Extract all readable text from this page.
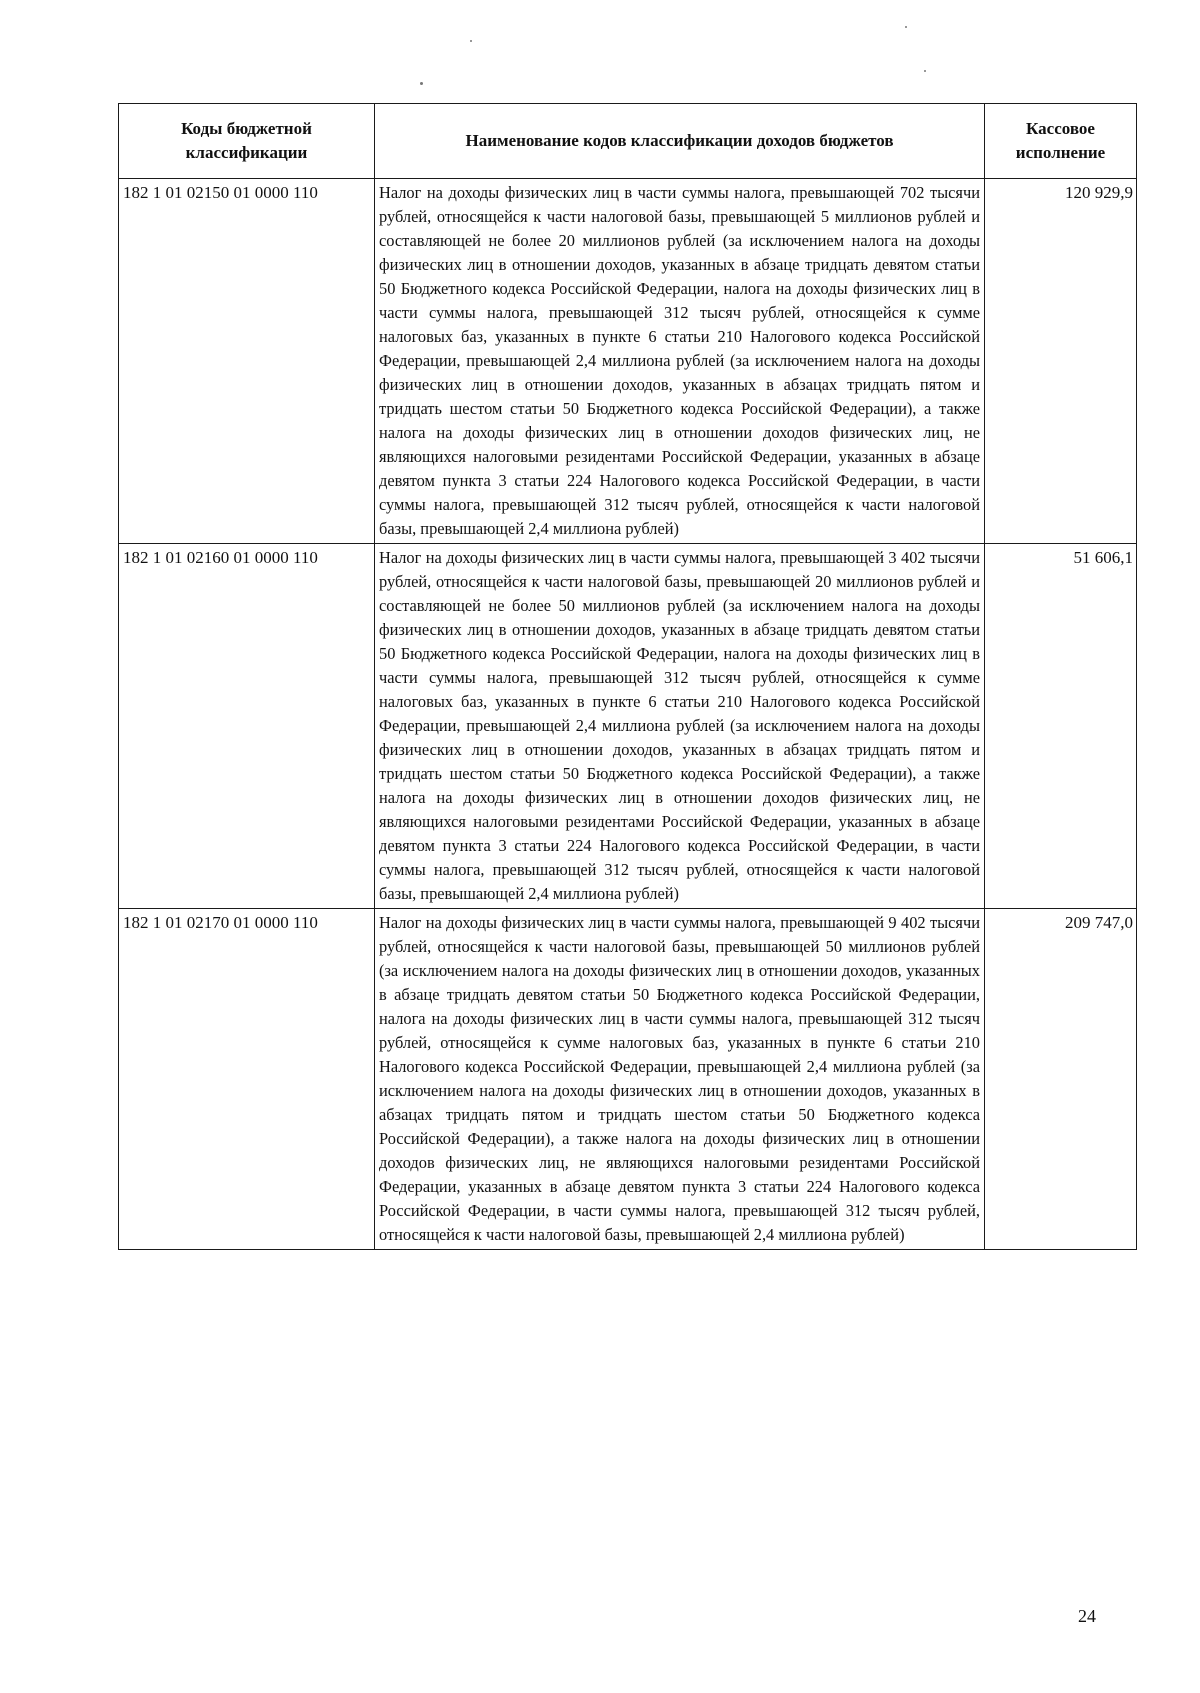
Коды бюджетной классификации	Наименование кодов классификации доходов бюджетов	Кассовое исполнение
182 1 01 02150 01 0000 110	Налог на доходы физических лиц в части суммы налога, превышающей 702 тысячи рублей, относящейся к части налоговой базы, превышающей 5 миллионов рублей и составляющей не более 20 миллионов рублей (за исключением налога на доходы физических лиц в отношении доходов, указанных в абзаце тридцать девятом статьи 50 Бюджетного кодекса Российской Федерации, налога на доходы физических лиц в части суммы налога, превышающей 312 тысяч рублей, относящейся к сумме налоговых баз, указанных в пункте 6 статьи 210 Налогового кодекса Российской Федерации, превышающей 2,4 миллиона рублей (за исключением налога на доходы физических лиц в отношении доходов, указанных в абзацах тридцать пятом и тридцать шестом статьи 50 Бюджетного кодекса Российской Федерации), а также налога на доходы физических лиц в отношении доходов физических лиц, не являющихся налоговыми резидентами Российской Федерации, указанных в абзаце девятом пункта 3 статьи 224 Налогового кодекса Российской Федерации, в части суммы налога, превышающей 312 тысяч рублей, относящейся к части налоговой базы, превышающей 2,4 миллиона рублей)	120 929,9
182 1 01 02160 01 0000 110	Налог на доходы физических лиц в части суммы налога, превышающей 3 402 тысячи рублей, относящейся к части налоговой базы, превышающей 20 миллионов рублей и составляющей не более 50 миллионов рублей (за исключением налога на доходы физических лиц в отношении доходов, указанных в абзаце тридцать девятом статьи 50 Бюджетного кодекса Российской Федерации, налога на доходы физических лиц в части суммы налога, превышающей 312 тысяч рублей, относящейся к сумме налоговых баз, указанных в пункте 6 статьи 210 Налогового кодекса Российской Федерации, превышающей 2,4 миллиона рублей (за исключением налога на доходы физических лиц в отношении доходов, указанных в абзацах тридцать пятом и тридцать шестом статьи 50 Бюджетного кодекса Российской Федерации), а также налога на доходы физических лиц в отношении доходов физических лиц, не являющихся налоговыми резидентами Российской Федерации, указанных в абзаце девятом пункта 3 статьи 224 Налогового кодекса Российской Федерации, в части суммы налога, превышающей 312 тысяч рублей, относящейся к части налоговой базы, превышающей 2,4 миллиона рублей)	51 606,1
182 1 01 02170 01 0000 110	Налог на доходы физических лиц в части суммы налога, превышающей 9 402 тысячи рублей, относящейся к части налоговой базы, превышающей 50 миллионов рублей (за исключением налога на доходы физических лиц в отношении доходов, указанных в абзаце тридцать девятом статьи 50 Бюджетного кодекса Российской Федерации, налога на доходы физических лиц в части суммы налога, превышающей 312 тысяч рублей, относящейся к сумме налоговых баз, указанных в пункте 6 статьи 210 Налогового кодекса Российской Федерации, превышающей 2,4 миллиона рублей (за исключением налога на доходы физических лиц в отношении доходов, указанных в абзацах тридцать пятом и тридцать шестом статьи 50 Бюджетного кодекса Российской Федерации), а также налога на доходы физических лиц в отношении доходов физических лиц, не являющихся налоговыми резидентами Российской Федерации, указанных в абзаце девятом пункта 3 статьи 224 Налогового кодекса Российской Федерации, в части суммы налога, превышающей 312 тысяч рублей, относящейся к части налоговой базы, превышающей 2,4 миллиона рублей)	209 747,0
24
